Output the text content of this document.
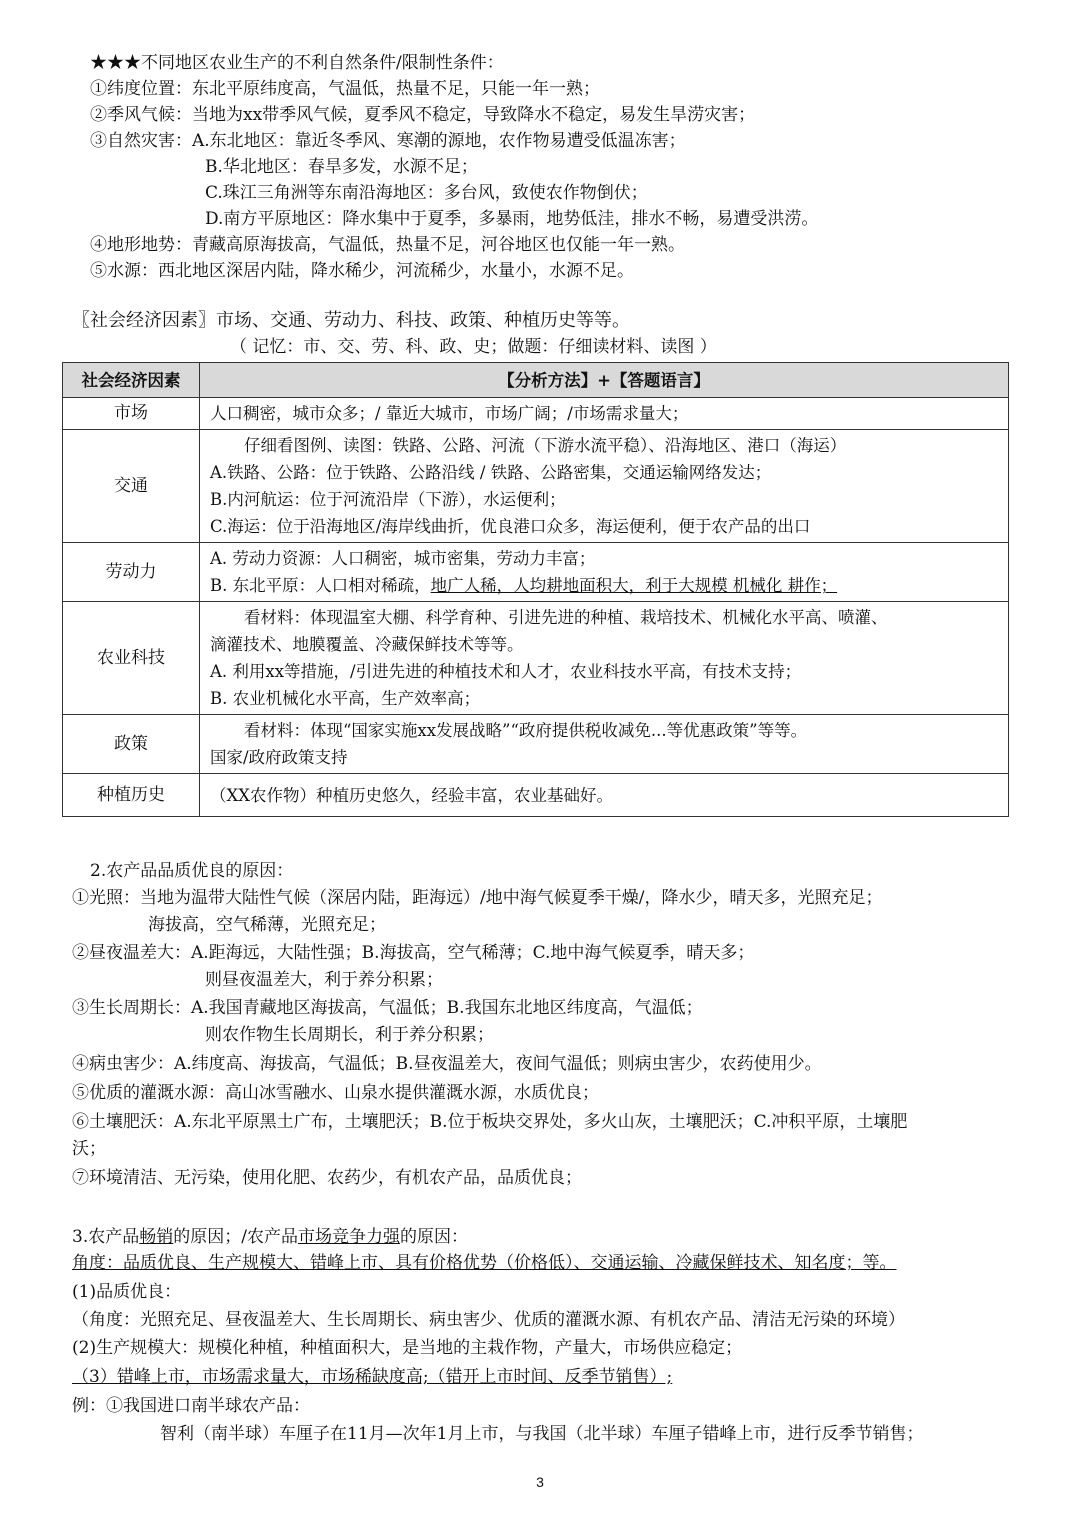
★★★不同地区农业生产的不利自然条件/限制性条件：
①纬度位置：东北平原纬度高，气温低，热量不足，只能一年一熟；
②季风气候：当地为xx带季风气候，夏季风不稳定，导致降水不稳定，易发生旱涝灾害；
③自然灾害：A.东北地区：靠近冬季风、寒潮的源地，农作物易遭受低温冻害；
B.华北地区：春旱多发，水源不足；
C.珠江三角洲等东南沿海地区：多台风，致使农作物倒伏；
D.南方平原地区：降水集中于夏季，多暴雨，地势低洼，排水不畅，易遭受洪涝。
④地形地势：青藏高原海拔高，气温低，热量不足，河谷地区也仅能一年一熟。
⑤水源：西北地区深居内陆，降水稀少，河流稀少，水量小，水源不足。
〖社会经济因素〗市场、交通、劳动力、科技、政策、种植历史等等。
（ 记忆：市、交、劳、科、政、史；做题：仔细读材料、读图 ）
社会经济因素	【分析方法】+【答题语言】
市场	人口稠密，城市众多；/ 靠近大城市，市场广阔；/市场需求量大；

交通	仔细看图例、读图：铁路、公路、河流（下游水流平稳）、沿海地区、港口（海运）
A.铁路、公路：位于铁路、公路沿线 / 铁路、公路密集，交通运输网络发达；
B.内河航运：位于河流沿岸（下游），水运便利；
C.海运：位于沿海地区/海岸线曲折，优良港口众多，海运便利，便于农产品的出口

劳动力	A. 劳动力资源：人口稠密，城市密集，劳动力丰富；
B. 东北平原：人口相对稀疏，地广人稀，人均耕地面积大，利于大规模 机械化 耕作；

农业科技	看材料：体现温室大棚、科学育种、引进先进的种植、栽培技术、机械化水平高、喷灌、
滴灌技术、地膜覆盖、冷藏保鲜技术等等。
A. 利用xx等措施，/引进先进的种植技术和人才，农业科技水平高，有技术支持；
B. 农业机械化水平高，生产效率高；

政策	看材料：体现“国家实施xx发展战略”“政府提供税收减免...等优惠政策”等等。
国家/政府政策支持

种植历史	（XX农作物）种植历史悠久，经验丰富，农业基础好。
2.农产品品质优良的原因：
①光照：当地为温带大陆性气候（深居内陆，距海远）/地中海气候夏季干燥/，降水少，晴天多，光照充足；
海拔高，空气稀薄，光照充足；
②昼夜温差大：A.距海远，大陆性强；B.海拔高，空气稀薄；C.地中海气候夏季，晴天多；
则昼夜温差大，利于养分积累；
③生长周期长：A.我国青藏地区海拔高，气温低；B.我国东北地区纬度高，气温低；
则农作物生长周期长，利于养分积累；
④病虫害少：A.纬度高、海拔高，气温低；B.昼夜温差大，夜间气温低；则病虫害少，农药使用少。
⑤优质的灌溉水源：高山冰雪融水、山泉水提供灌溉水源，水质优良；
⑥土壤肥沃：A.东北平原黑土广布，土壤肥沃；B.位于板块交界处，多火山灰，土壤肥沃；C.冲积平原，土壤肥
沃；
⑦环境清洁、无污染，使用化肥、农药少，有机农产品，品质优良；
3.农产品畅销的原因；/农产品市场竞争力强的原因：
角度：品质优良、生产规模大、错峰上市、具有价格优势（价格低）、交通运输、冷藏保鲜技术、知名度；等。
(1)品质优良：
（角度：光照充足、昼夜温差大、生长周期长、病虫害少、优质的灌溉水源、有机农产品、清洁无污染的环境）
(2)生产规模大：规模化种植，种植面积大，是当地的主栽作物，产量大，市场供应稳定；
（3）错峰上市，市场需求量大，市场稀缺度高;（错开上市时间、反季节销售）;
例：①我国进口南半球农产品：
智利（南半球）车厘子在11月—次年1月上市，与我国（北半球）车厘子错峰上市，进行反季节销售；
3
